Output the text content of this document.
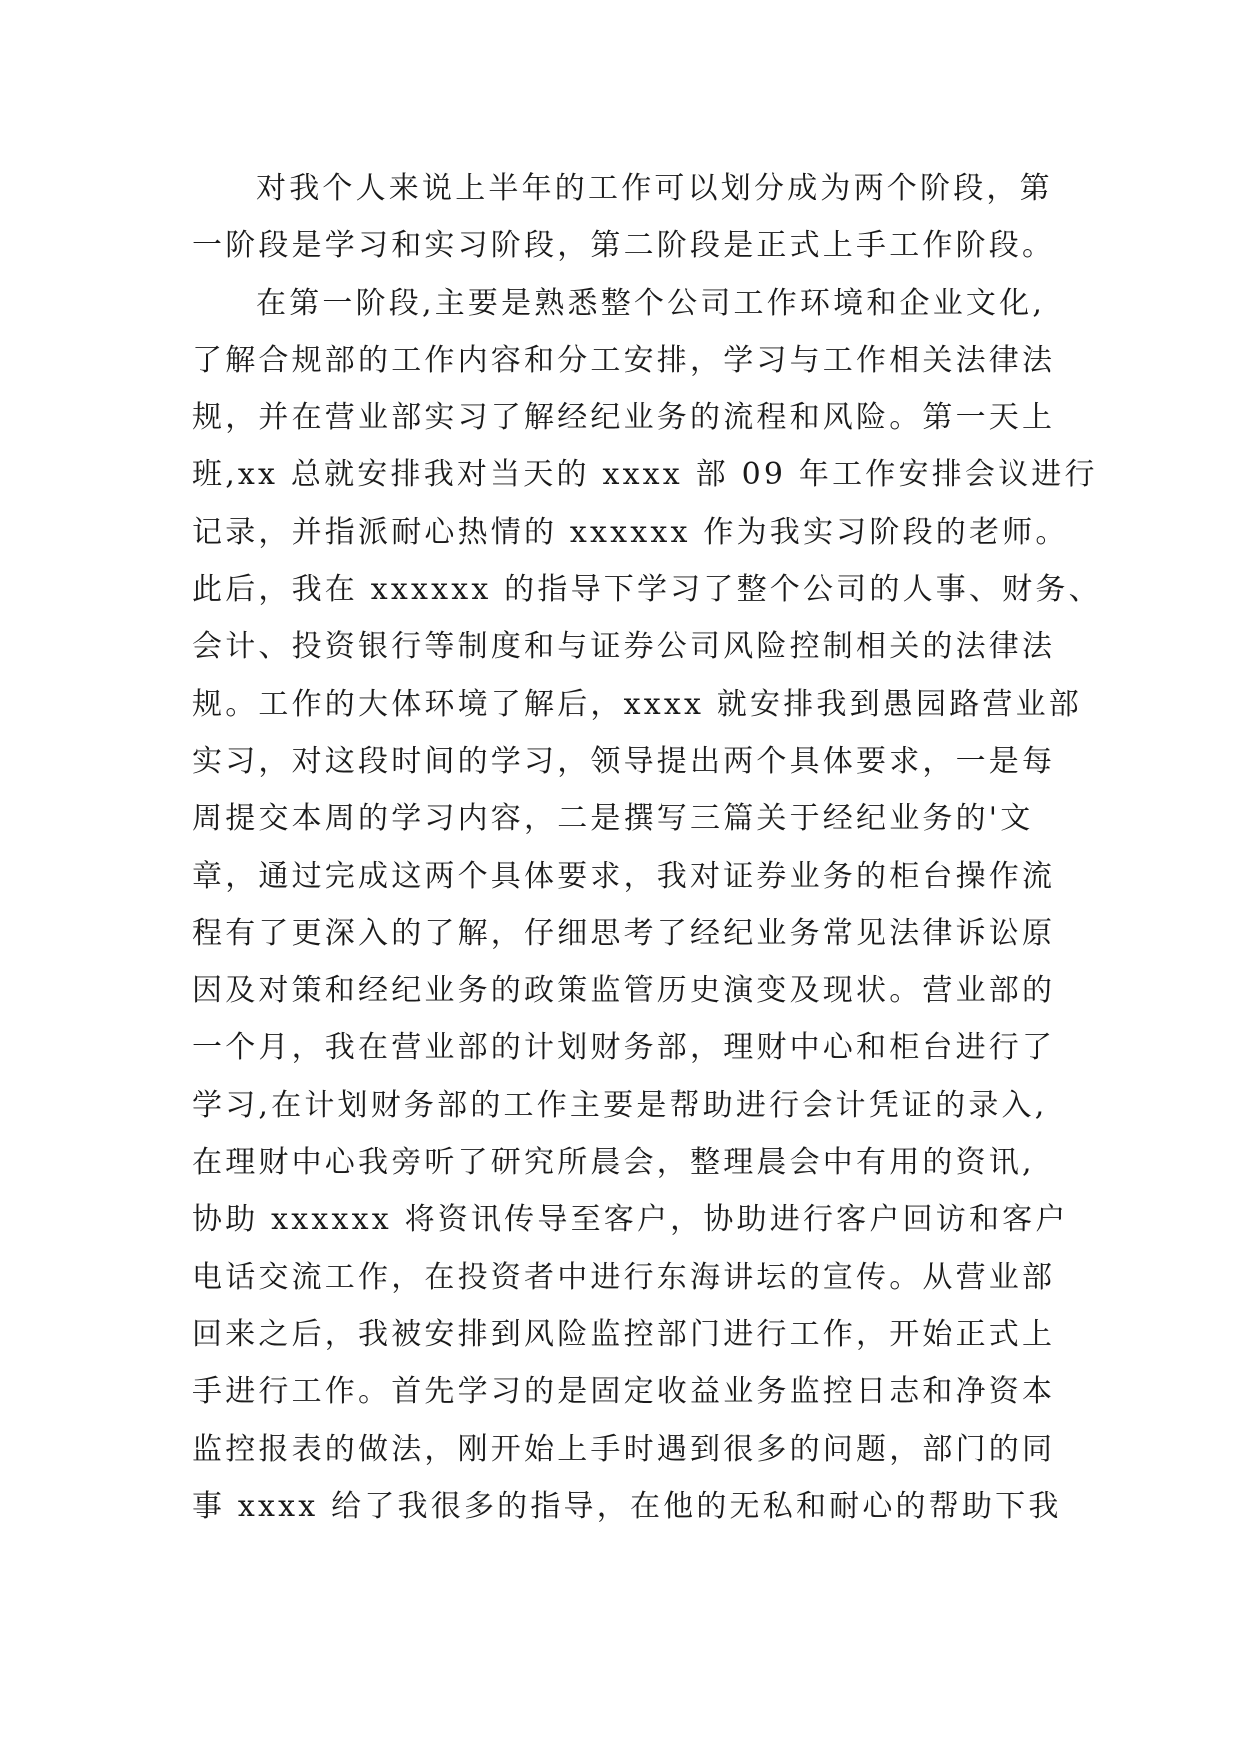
对我个人来说上半年的工作可以划分成为两个阶段，第
一阶段是学习和实习阶段，第二阶段是正式上手工作阶段。
在第一阶段,主要是熟悉整个公司工作环境和企业文化,
了解合规部的工作内容和分工安排，学习与工作相关法律法
规，并在营业部实习了解经纪业务的流程和风险。第一天上
班,xx 总就安排我对当天的 xxxx 部 09 年工作安排会议进行
记录，并指派耐心热情的 xxxxxx 作为我实习阶段的老师。
此后，我在 xxxxxx 的指导下学习了整个公司的人事、财务、
会计、投资银行等制度和与证券公司风险控制相关的法律法
规。工作的大体环境了解后，xxxx 就安排我到愚园路营业部
实习，对这段时间的学习，领导提出两个具体要求，一是每
周提交本周的学习内容，二是撰写三篇关于经纪业务的'文
章，通过完成这两个具体要求，我对证券业务的柜台操作流
程有了更深入的了解，仔细思考了经纪业务常见法律诉讼原
因及对策和经纪业务的政策监管历史演变及现状。营业部的
一个月，我在营业部的计划财务部，理财中心和柜台进行了
学习,在计划财务部的工作主要是帮助进行会计凭证的录入,
在理财中心我旁听了研究所晨会，整理晨会中有用的资讯,
协助 xxxxxx 将资讯传导至客户，协助进行客户回访和客户
电话交流工作，在投资者中进行东海讲坛的宣传。从营业部
回来之后，我被安排到风险监控部门进行工作，开始正式上
手进行工作。首先学习的是固定收益业务监控日志和净资本
监控报表的做法，刚开始上手时遇到很多的问题，部门的同
事 xxxx 给了我很多的指导，在他的无私和耐心的帮助下我
